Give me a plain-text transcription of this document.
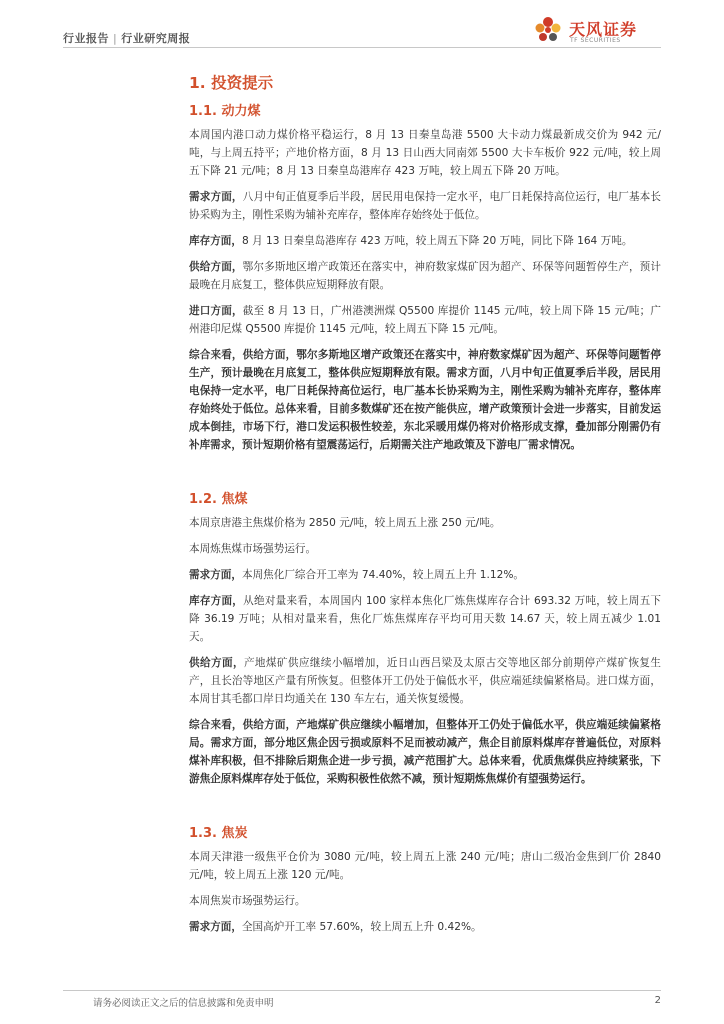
行业报告 | 行业研究周报	天风证券
TF SECURITIES
1. 投资提示
1.1. 动力煤

本周国内港口动力煤价格平稳运行，8 月 13 日秦皇岛港 5500 大卡动力煤最新成交价为 942 元/吨，与上周五持平；产地价格方面，8 月 13 日山西大同南郊 5500 大卡车板价 922 元/吨，较上周五下降 21 元/吨；8 月 13 日秦皇岛港库存 423 万吨，较上周五下降 20 万吨。

需求方面，八月中旬正值夏季后半段，居民用电保持一定水平，电厂日耗保持高位运行，电厂基本长协采购为主，刚性采购为辅补充库存，整体库存始终处于低位。

库存方面，8 月 13 日秦皇岛港库存 423 万吨，较上周五下降 20 万吨，同比下降 164 万吨。

供给方面，鄂尔多斯地区增产政策还在落实中，神府数家煤矿因为超产、环保等问题暂停生产，预计最晚在月底复工，整体供应短期释放有限。

进口方面，截至 8 月 13 日，广州港澳洲煤 Q5500 库提价 1145 元/吨，较上周下降 15 元/吨；广州港印尼煤 Q5500 库提价 1145 元/吨，较上周五下降 15 元/吨。

综合来看，供给方面，鄂尔多斯地区增产政策还在落实中，神府数家煤矿因为超产、环保等问题暂停生产，预计最晚在月底复工，整体供应短期释放有限。需求方面，八月中旬正值夏季后半段，居民用电保持一定水平，电厂日耗保持高位运行，电厂基本长协采购为主，刚性采购为辅补充库存，整体库存始终处于低位。总体来看，目前多数煤矿还在按产能供应，增产政策预计会进一步落实，目前发运成本倒挂，市场下行，港口发运积极性较差，东北采暖用煤仍将对价格形成支撑，叠加部分刚需仍有补库需求，预计短期价格有望震荡运行，后期需关注产地政策及下游电厂需求情况。

1.2. 焦煤

本周京唐港主焦煤价格为 2850 元/吨，较上周五上涨 250 元/吨。

本周炼焦煤市场强势运行。

需求方面，本周焦化厂综合开工率为 74.40%，较上周五上升 1.12%。

库存方面，从绝对量来看，本周国内 100 家样本焦化厂炼焦煤库存合计 693.32 万吨，较上周五下降 36.19 万吨；从相对量来看，焦化厂炼焦煤库存平均可用天数 14.67 天，较上周五减少 1.01 天。

供给方面，产地煤矿供应继续小幅增加，近日山西吕梁及太原古交等地区部分前期停产煤矿恢复生产，且长治等地区产量有所恢复。但整体开工仍处于偏低水平，供应端延续偏紧格局。进口煤方面，本周甘其毛都口岸日均通关在 130 车左右，通关恢复缓慢。

综合来看，供给方面，产地煤矿供应继续小幅增加，但整体开工仍处于偏低水平，供应端延续偏紧格局。需求方面，部分地区焦企因亏损或原料不足而被动减产，焦企目前原料煤库存普遍低位，对原料煤补库积极，但不排除后期焦企进一步亏损，减产范围扩大。总体来看，优质焦煤供应持续紧张，下游焦企原料煤库存处于低位，采购积极性依然不减，预计短期炼焦煤价有望强势运行。

1.3. 焦炭

本周天津港一级焦平仓价为 3080 元/吨，较上周五上涨 240 元/吨；唐山二级冶金焦到厂价 2840 元/吨，较上周五上涨 120 元/吨。

本周焦炭市场强势运行。

需求方面，全国高炉开工率 57.60%，较上周五上升 0.42%。

请务必阅读正文之后的信息披露和免责申明	2
